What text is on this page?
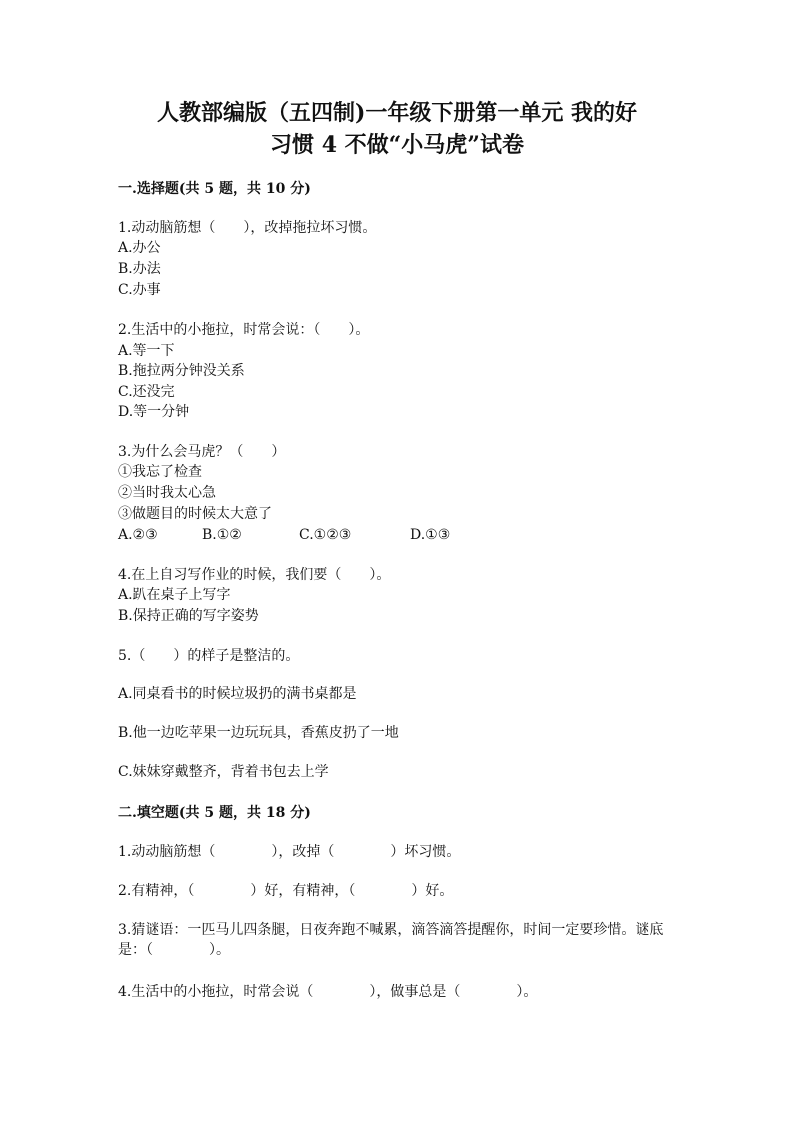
人教部编版（五四制)一年级下册第一单元 我的好
习惯 4 不做“小马虎”试卷
一.选择题(共 5 题，共 10 分)

1.动动脑筋想（　　），改掉拖拉坏习惯。

A.办公

B.办法

C.办事

2.生活中的小拖拉，时常会说：（　　）。

A.等一下

B.拖拉两分钟没关系

C.还没完

D.等一分钟

3.为什么会马虎？（　　）

①我忘了检查

②当时我太心急

③做题目的时候太大意了

A.②③	B.①②	C.①②③	D.①③

4.在上自习写作业的时候，我们要（　　）。

A.趴在桌子上写字

B.保持正确的写字姿势

5.（　　）的样子是整洁的。

A.同桌看书的时候垃圾扔的满书桌都是

B.他一边吃苹果一边玩玩具，香蕉皮扔了一地

C.妹妹穿戴整齐，背着书包去上学

二.填空题(共 5 题，共 18 分)

1.动动脑筋想（　　　　），改掉（　　　　）坏习惯。

2.有精神，（　　　　）好，有精神，（　　　　）好。

3.猜谜语：一匹马儿四条腿，日夜奔跑不喊累，滴答滴答提醒你，时间一定要珍惜。谜底是：（　　　　）。

4.生活中的小拖拉，时常会说（　　　　），做事总是（　　　　）。
